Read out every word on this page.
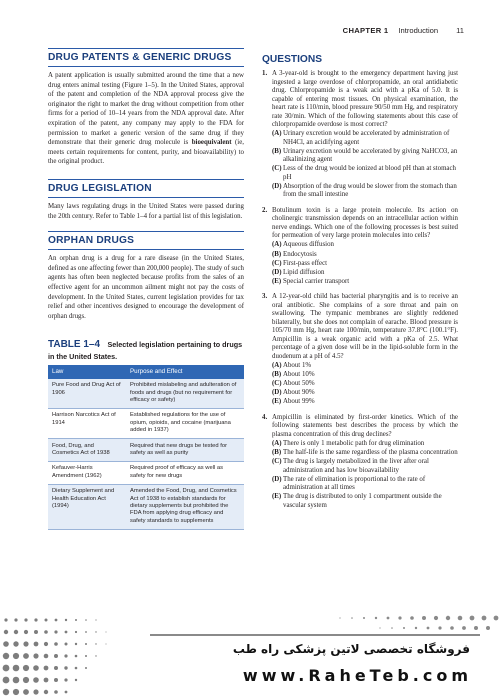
CHAPTER 1 Introduction 11
DRUG PATENTS & GENERIC DRUGS

A patent application is usually submitted around the time that a new drug enters animal testing (Figure 1–5). In the United States, approval of the patent and completion of the NDA approval process give the originator the right to market the drug without competition from other firms for a period of 10–14 years from the NDA approval date. After expiration of the patent, any company may apply to the FDA for permission to market a generic version of the same drug if they demonstrate that their generic drug molecule is bioequivalent (ie, meets certain requirements for content, purity, and bioavailability) to the original product.

DRUG LEGISLATION

Many laws regulating drugs in the United States were passed during the 20th century. Refer to Table 1–4 for a partial list of this legislation.

ORPHAN DRUGS

An orphan drug is a drug for a rare disease (in the United States, defined as one affecting fewer than 200,000 people). The study of such agents has often been neglected because profits from the sales of an effective agent for an uncommon ailment might not pay the costs of development. In the United States, current legislation provides for tax relief and other incentives designed to encourage the development of orphan drugs.

TABLE 1–4 Selected legislation pertaining to drugs
in the United States.
Law	Purpose and Effect
Pure Food and Drug Act of 1906	Prohibited mislabeling and adulteration of foods and drugs (but no requirement for efficacy or safety)
Harrison Narcotics Act of 1914	Established regulations for the use of opium, opioids, and cocaine (marijuana added in 1937)
Food, Drug, and Cosmetics Act of 1938	Required that new drugs be tested for safety as well as purity
Kefauver-Harris Amendment (1962)	Required proof of efficacy as well as safety for new drugs
Dietary Supplement and Health Education Act (1994)	Amended the Food, Drug, and Cosmetics Act of 1938 to establish standards for dietary supplements but prohibited the FDA from applying drug efficacy and safety standards to supplements
QUESTIONS
1. A 3-year-old is brought to the emergency department having just ingested a large overdose of chlorpropamide, an oral antidiabetic drug. Chlorpropamide is a weak acid with a pKa of 5.0. It is capable of entering most tissues. On physical examination, the heart rate is 110/min, blood pressure 90/50 mm Hg, and respiratory rate 30/min. Which of the following statements about this case of chlorpropamide overdose is most correct?
(A) Urinary excretion would be accelerated by administration of NH4Cl, an acidifying agent
(B) Urinary excretion would be accelerated by giving NaHCO3, an alkalinizing agent
(C) Less of the drug would be ionized at blood pH than at stomach pH
(D) Absorption of the drug would be slower from the stomach than from the small intestine
2. Botulinum toxin is a large protein molecule. Its action on cholinergic transmission depends on an intracellular action within nerve endings. Which one of the following processes is best suited for permeation of very large protein molecules into cells?
(A) Aqueous diffusion
(B) Endocytosis
(C) First-pass effect
(D) Lipid diffusion
(E) Special carrier transport
3. A 12-year-old child has bacterial pharyngitis and is to receive an oral antibiotic. She complains of a sore throat and pain on swallowing. The tympanic membranes are slightly reddened bilaterally, but she does not complain of earache. Blood pressure is 105/70 mm Hg, heart rate 100/min, temperature 37.8°C (100.1°F). Ampicillin is a weak organic acid with a pKa of 2.5. What percentage of a given dose will be in the lipid-soluble form in the duodenum at a pH of 4.5?
(A) About 1%
(B) About 10%
(C) About 50%
(D) About 90%
(E) About 99%
4. Ampicillin is eliminated by first-order kinetics. Which of the following statements best describes the process by which the plasma concentration of this drug declines?
(A) There is only 1 metabolic path for drug elimination
(B) The half-life is the same regardless of the plasma concentration
(C) The drug is largely metabolized in the liver after oral administration and has low bioavailability
(D) The rate of elimination is proportional to the rate of administration at all times
(E) The drug is distributed to only 1 compartment outside the vascular system
فروشگاه تخصصی لاتین پزشکی راه طب
www.RaheTeb.com
